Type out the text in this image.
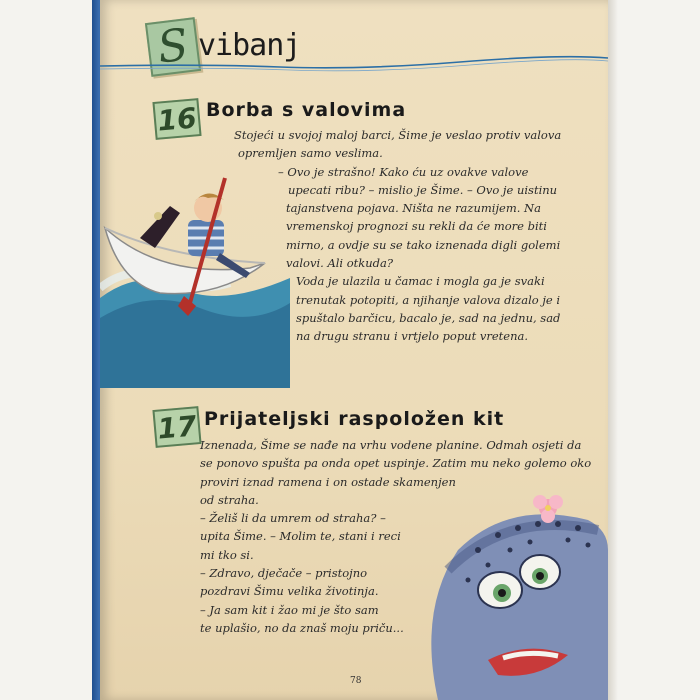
S vibanj
16 Borba s valovima

Stojeći u svojoj maloj barci, Šime je veslao protiv valova

opremljen samo veslima.

– Ovo je strašno! Kako ću uz ovakve valove

upecati ribu? – mislio je Šime. – Ovo je uistinu

tajanstvena pojava. Ništa ne razumijem. Na

vremenskoj prognozi su rekli da će more biti

mirno, a ovdje su se tako iznenada digli golemi

valovi. Ali otkuda?

Voda je ulazila u čamac i mogla ga je svaki

trenutak potopiti, a njihanje valova dizalo je i

spuštalo barčicu, bacalo je, sad na jednu, sad

na drugu stranu i vrtjelo poput vretena.

17 Prijateljski raspoložen kit

Iznenada, Šime se nađe na vrhu vodene planine. Odmah osjeti da

se ponovo spušta pa onda opet uspinje. Zatim mu neko golemo oko

proviri iznad ramena i on ostade skamenjen

od straha.

– Želiš li da umrem od straha? –

upita Šime. – Molim te, stani i reci

mi tko si.

– Zdravo, dječače – pristojno

pozdravi Šimu velika životinja.

– Ja sam kit i žao mi je što sam

te uplašio, no da znaš moju priču...

78
